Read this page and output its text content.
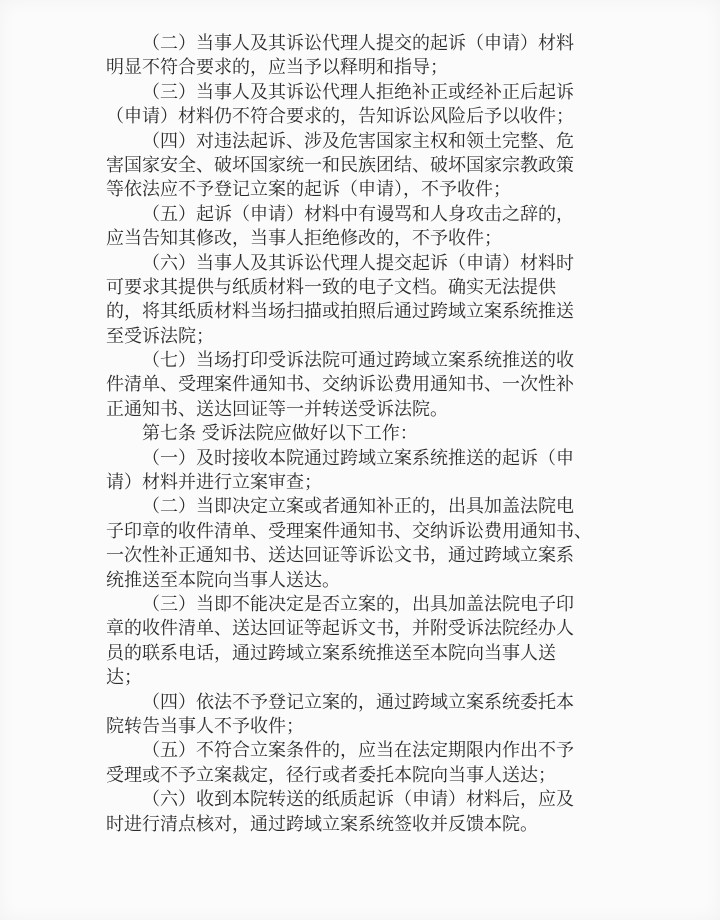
（二）当事人及其诉讼代理人提交的起诉（申请）材料
明显不符合要求的，应当予以释明和指导；
（三）当事人及其诉讼代理人拒绝补正或经补正后起诉
（申请）材料仍不符合要求的，告知诉讼风险后予以收件；
（四）对违法起诉、涉及危害国家主权和领土完整、危
害国家安全、破坏国家统一和民族团结、破坏国家宗教政策
等依法应不予登记立案的起诉（申请），不予收件；
（五）起诉（申请）材料中有谩骂和人身攻击之辞的，
应当告知其修改，当事人拒绝修改的，不予收件；
（六）当事人及其诉讼代理人提交起诉（申请）材料时
可要求其提供与纸质材料一致的电子文档。确实无法提供
的，将其纸质材料当场扫描或拍照后通过跨域立案系统推送
至受诉法院；
（七）当场打印受诉法院可通过跨域立案系统推送的收
件清单、受理案件通知书、交纳诉讼费用通知书、一次性补
正通知书、送达回证等一并转送受诉法院。
第七条 受诉法院应做好以下工作：
（一）及时接收本院通过跨域立案系统推送的起诉（申
请）材料并进行立案审查；
（二）当即决定立案或者通知补正的，出具加盖法院电
子印章的收件清单、受理案件通知书、交纳诉讼费用通知书、
一次性补正通知书、送达回证等诉讼文书，通过跨域立案系
统推送至本院向当事人送达。
（三）当即不能决定是否立案的，出具加盖法院电子印
章的收件清单、送达回证等起诉文书，并附受诉法院经办人
员的联系电话，通过跨域立案系统推送至本院向当事人送
达；
（四）依法不予登记立案的，通过跨域立案系统委托本
院转告当事人不予收件；
（五）不符合立案条件的，应当在法定期限内作出不予
受理或不予立案裁定，径行或者委托本院向当事人送达；
（六）收到本院转送的纸质起诉（申请）材料后，应及
时进行清点核对，通过跨域立案系统签收并反馈本院。
